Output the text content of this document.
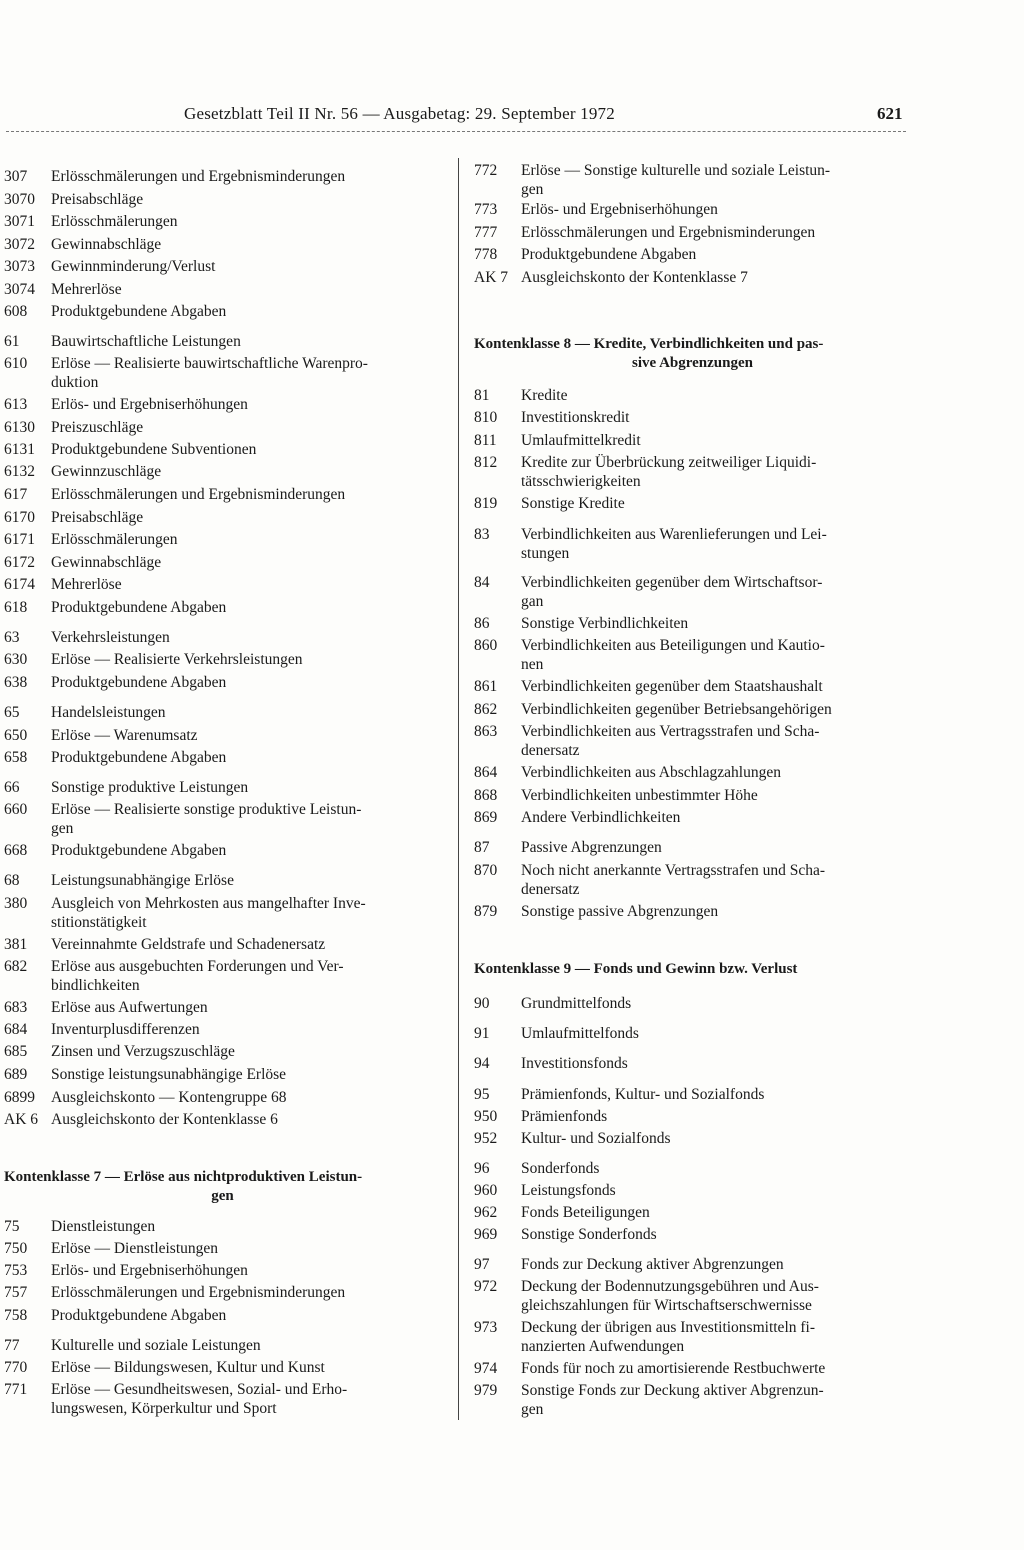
Gesetzblatt Teil II Nr. 56 — Ausgabetag: 29. September 1972	621
307 Erlösschmälerungen und Ergebnisminderungen
3070 Preisabschläge
3071 Erlösschmälerungen
3072 Gewinnabschläge
3073 Gewinnminderung/Verlust
3074 Mehrerlöse
608 Produktgebundene Abgaben
61 Bauwirtschaftliche Leistungen
610 Erlöse — Realisierte bauwirtschaftliche Warenpro-
duktion
613 Erlös- und Ergebniserhöhungen
6130 Preiszuschläge
6131 Produktgebundene Subventionen
6132 Gewinnzuschläge
617 Erlösschmälerungen und Ergebnisminderungen
6170 Preisabschläge
6171 Erlösschmälerungen
6172 Gewinnabschläge
6174 Mehrerlöse
618 Produktgebundene Abgaben
63 Verkehrsleistungen
630 Erlöse — Realisierte Verkehrsleistungen
638 Produktgebundene Abgaben
65 Handelsleistungen
650 Erlöse — Warenumsatz
658 Produktgebundene Abgaben
66 Sonstige produktive Leistungen
660 Erlöse — Realisierte sonstige produktive Leistun-
gen
668 Produktgebundene Abgaben
68 Leistungsunabhängige Erlöse
380 Ausgleich von Mehrkosten aus mangelhafter Inve-
stitionstätigkeit
381 Vereinnahmte Geldstrafe und Schadenersatz
682 Erlöse aus ausgebuchten Forderungen und Ver-
bindlichkeiten
683 Erlöse aus Aufwertungen
684 Inventurplusdifferenzen
685 Zinsen und Verzugszuschläge
689 Sonstige leistungsunabhängige Erlöse
6899 Ausgleichskonto — Kontengruppe 68
AK 6 Ausgleichskonto der Kontenklasse 6
Kontenklasse 7 — Erlöse aus nichtproduktiven Leistun-
gen
75 Dienstleistungen
750 Erlöse — Dienstleistungen
753 Erlös- und Ergebniserhöhungen
757 Erlösschmälerungen und Ergebnisminderungen
758 Produktgebundene Abgaben
77 Kulturelle und soziale Leistungen
770 Erlöse — Bildungswesen, Kultur und Kunst
771 Erlöse — Gesundheitswesen, Sozial- und Erho-
lungswesen, Körperkultur und Sport
772 Erlöse — Sonstige kulturelle und soziale Leistun-
gen
773 Erlös- und Ergebniserhöhungen
777 Erlösschmälerungen und Ergebnisminderungen
778 Produktgebundene Abgaben
AK 7 Ausgleichskonto der Kontenklasse 7
Kontenklasse 8 — Kredite, Verbindlichkeiten und pas-
sive Abgrenzungen
81 Kredite
810 Investitionskredit
811 Umlaufmittelkredit
812 Kredite zur Überbrückung zeitweiliger Liquidi-
tätsschwierigkeiten
819 Sonstige Kredite
83 Verbindlichkeiten aus Warenlieferungen und Lei-
stungen
84 Verbindlichkeiten gegenüber dem Wirtschaftsor-
gan
86 Sonstige Verbindlichkeiten
860 Verbindlichkeiten aus Beteiligungen und Kautio-
nen
861 Verbindlichkeiten gegenüber dem Staatshaushalt
862 Verbindlichkeiten gegenüber Betriebsangehörigen
863 Verbindlichkeiten aus Vertragsstrafen und Scha-
denersatz
864 Verbindlichkeiten aus Abschlagzahlungen
868 Verbindlichkeiten unbestimmter Höhe
869 Andere Verbindlichkeiten
87 Passive Abgrenzungen
870 Noch nicht anerkannte Vertragsstrafen und Scha-
denersatz
879 Sonstige passive Abgrenzungen
Kontenklasse 9 — Fonds und Gewinn bzw. Verlust
90 Grundmittelfonds
91 Umlaufmittelfonds
94 Investitionsfonds
95 Prämienfonds, Kultur- und Sozialfonds
950 Prämienfonds
952 Kultur- und Sozialfonds
96 Sonderfonds
960 Leistungsfonds
962 Fonds Beteiligungen
969 Sonstige Sonderfonds
97 Fonds zur Deckung aktiver Abgrenzungen
972 Deckung der Bodennutzungsgebühren und Aus-
gleichszahlungen für Wirtschaftserschwernisse
973 Deckung der übrigen aus Investitionsmitteln fi-
nanzierten Aufwendungen
974 Fonds für noch zu amortisierende Restbuchwerte
979 Sonstige Fonds zur Deckung aktiver Abgrenzun-
gen
